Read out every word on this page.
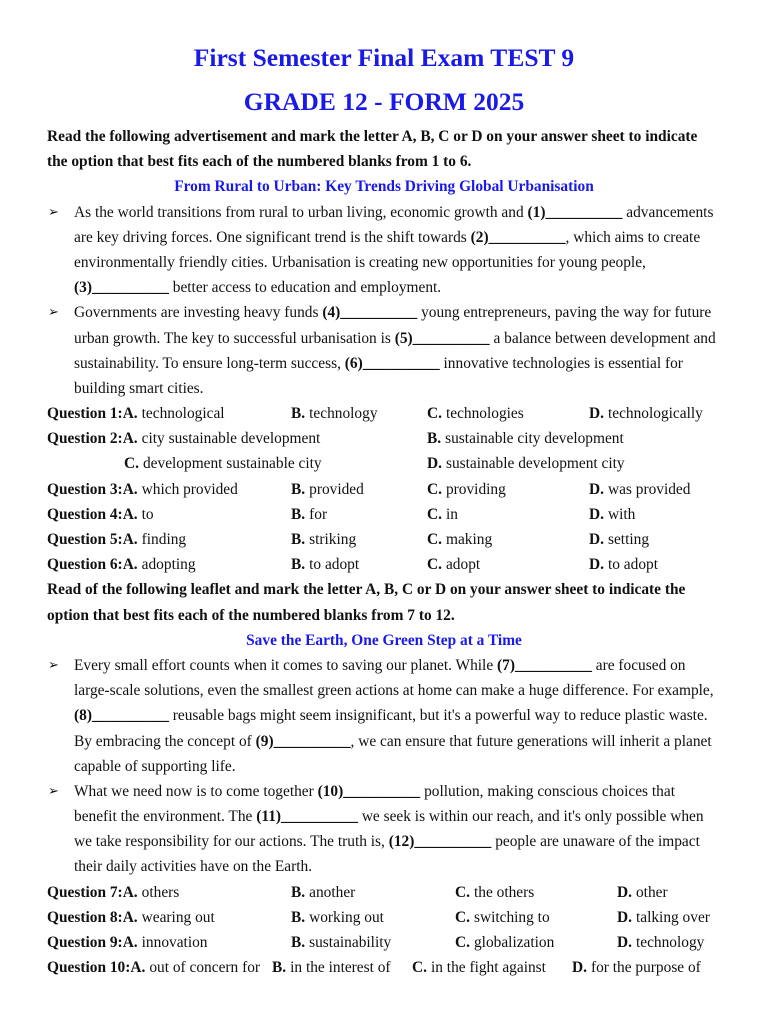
First Semester Final Exam TEST 9
GRADE 12 - FORM 2025
Read the following advertisement and mark the letter A, B, C or D on your answer sheet to indicate
the option that best fits each of the numbered blanks from 1 to 6.
From Rural to Urban: Key Trends Driving Global Urbanisation
➢
As the world transitions from rural to urban living, economic growth and (1)__________ advancements
are key driving forces. One significant trend is the shift towards (2)__________, which aims to create
environmentally friendly cities. Urbanisation is creating new opportunities for young people,
(3)__________ better access to education and employment.
➢
Governments are investing heavy funds (4)__________ young entrepreneurs, paving the way for future
urban growth. The key to successful urbanisation is (5)__________ a balance between development and
sustainability. To ensure long-term success, (6)__________ innovative technologies is essential for
building smart cities.
Question 1:A. technological	B. technology	C. technologies	D. technologically
Question 2:A. city sustainable development	B. sustainable city development
C. development sustainable city	D. sustainable development city
Question 3:A. which provided	B. provided	C. providing	D. was provided
Question 4:A. to	B. for	C. in	D. with
Question 5:A. finding	B. striking	C. making	D. setting
Question 6:A. adopting	B. to adopt	C. adopt	D. to adopt
Read of the following leaflet and mark the letter A, B, C or D on your answer sheet to indicate the
option that best fits each of the numbered blanks from 7 to 12.
Save the Earth, One Green Step at a Time
➢
Every small effort counts when it comes to saving our planet. While (7)__________ are focused on
large-scale solutions, even the smallest green actions at home can make a huge difference. For example,
(8)__________ reusable bags might seem insignificant, but it's a powerful way to reduce plastic waste.
By embracing the concept of (9)__________, we can ensure that future generations will inherit a planet
capable of supporting life.
➢
What we need now is to come together (10)__________ pollution, making conscious choices that
benefit the environment. The (11)__________ we seek is within our reach, and it's only possible when
we take responsibility for our actions. The truth is, (12)__________ people are unaware of the impact
their daily activities have on the Earth.
Question 7:A. others	B. another	C. the others	D. other
Question 8:A. wearing out	B. working out	C. switching to	D. talking over
Question 9:A. innovation	B. sustainability	C. globalization	D. technology
Question 10:A. out of concern for B. in the interest of C. in the fight against D. for the purpose of
